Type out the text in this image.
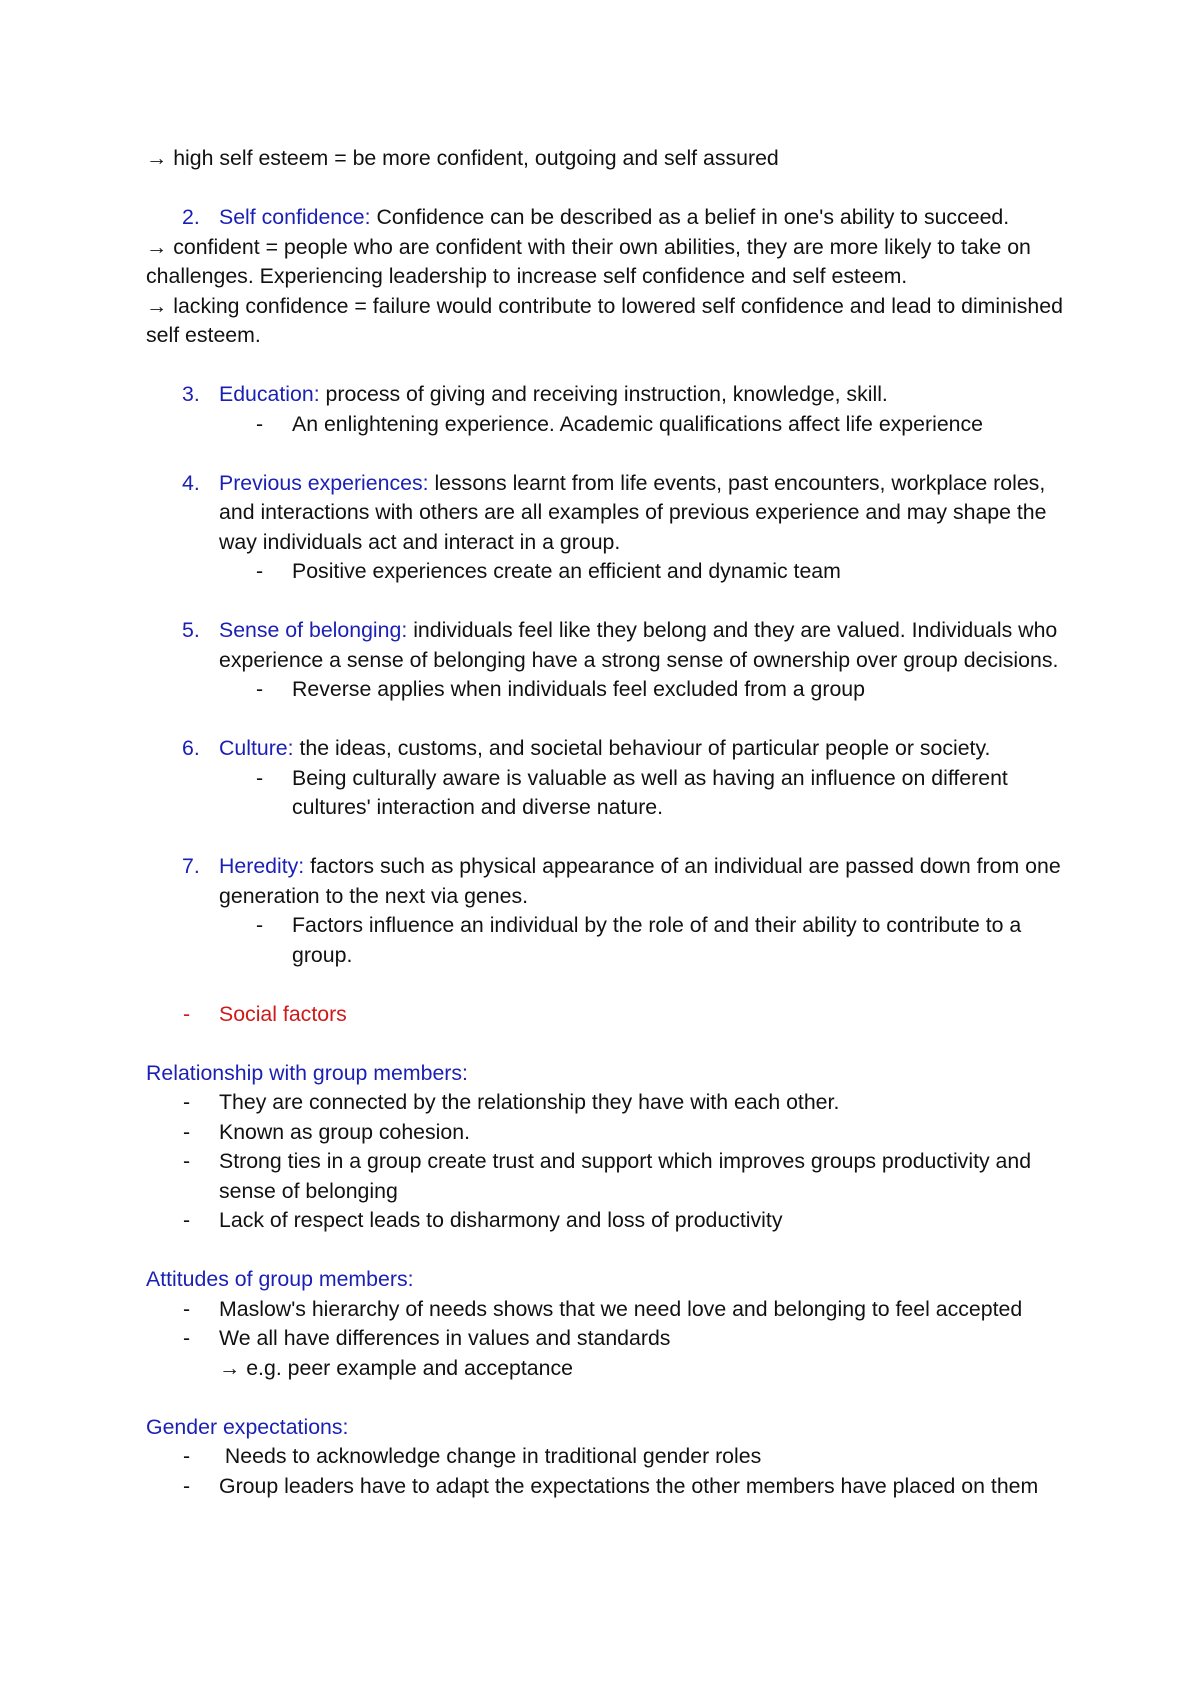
→ high self esteem = be more confident, outgoing and self assured

2. Self confidence: Confidence can be described as a belief in one's ability to succeed.

→ confident = people who are confident with their own abilities, they are more likely to take on challenges. Experiencing leadership to increase self confidence and self esteem.

→ lacking confidence = failure would contribute to lowered self confidence and lead to diminished self esteem.

3. Education: process of giving and receiving instruction, knowledge, skill.
- An enlightening experience. Academic qualifications affect life experience
4. Previous experiences: lessons learnt from life events, past encounters, workplace roles, and interactions with others are all examples of previous experience and may shape the way individuals act and interact in a group.
- Positive experiences create an efficient and dynamic team
5. Sense of belonging: individuals feel like they belong and they are valued. Individuals who experience a sense of belonging have a strong sense of ownership over group decisions.
- Reverse applies when individuals feel excluded from a group
6. Culture: the ideas, customs, and societal behaviour of particular people or society.
- Being culturally aware is valuable as well as having an influence on different cultures' interaction and diverse nature.
7. Heredity: factors such as physical appearance of an individual are passed down from one generation to the next via genes.
- Factors influence an individual by the role of and their ability to contribute to a group.
- Social factors

Relationship with group members:

- They are connected by the relationship they have with each other.
- Known as group cohesion.
- Strong ties in a group create trust and support which improves groups productivity and sense of belonging
- Lack of respect leads to disharmony and loss of productivity

Attitudes of group members:

- Maslow's hierarchy of needs shows that we need love and belonging to feel accepted
- We all have differences in values and standards
→ e.g. peer example and acceptance

Gender expectations:

- Needs to acknowledge change in traditional gender roles
- Group leaders have to adapt the expectations the other members have placed on them
